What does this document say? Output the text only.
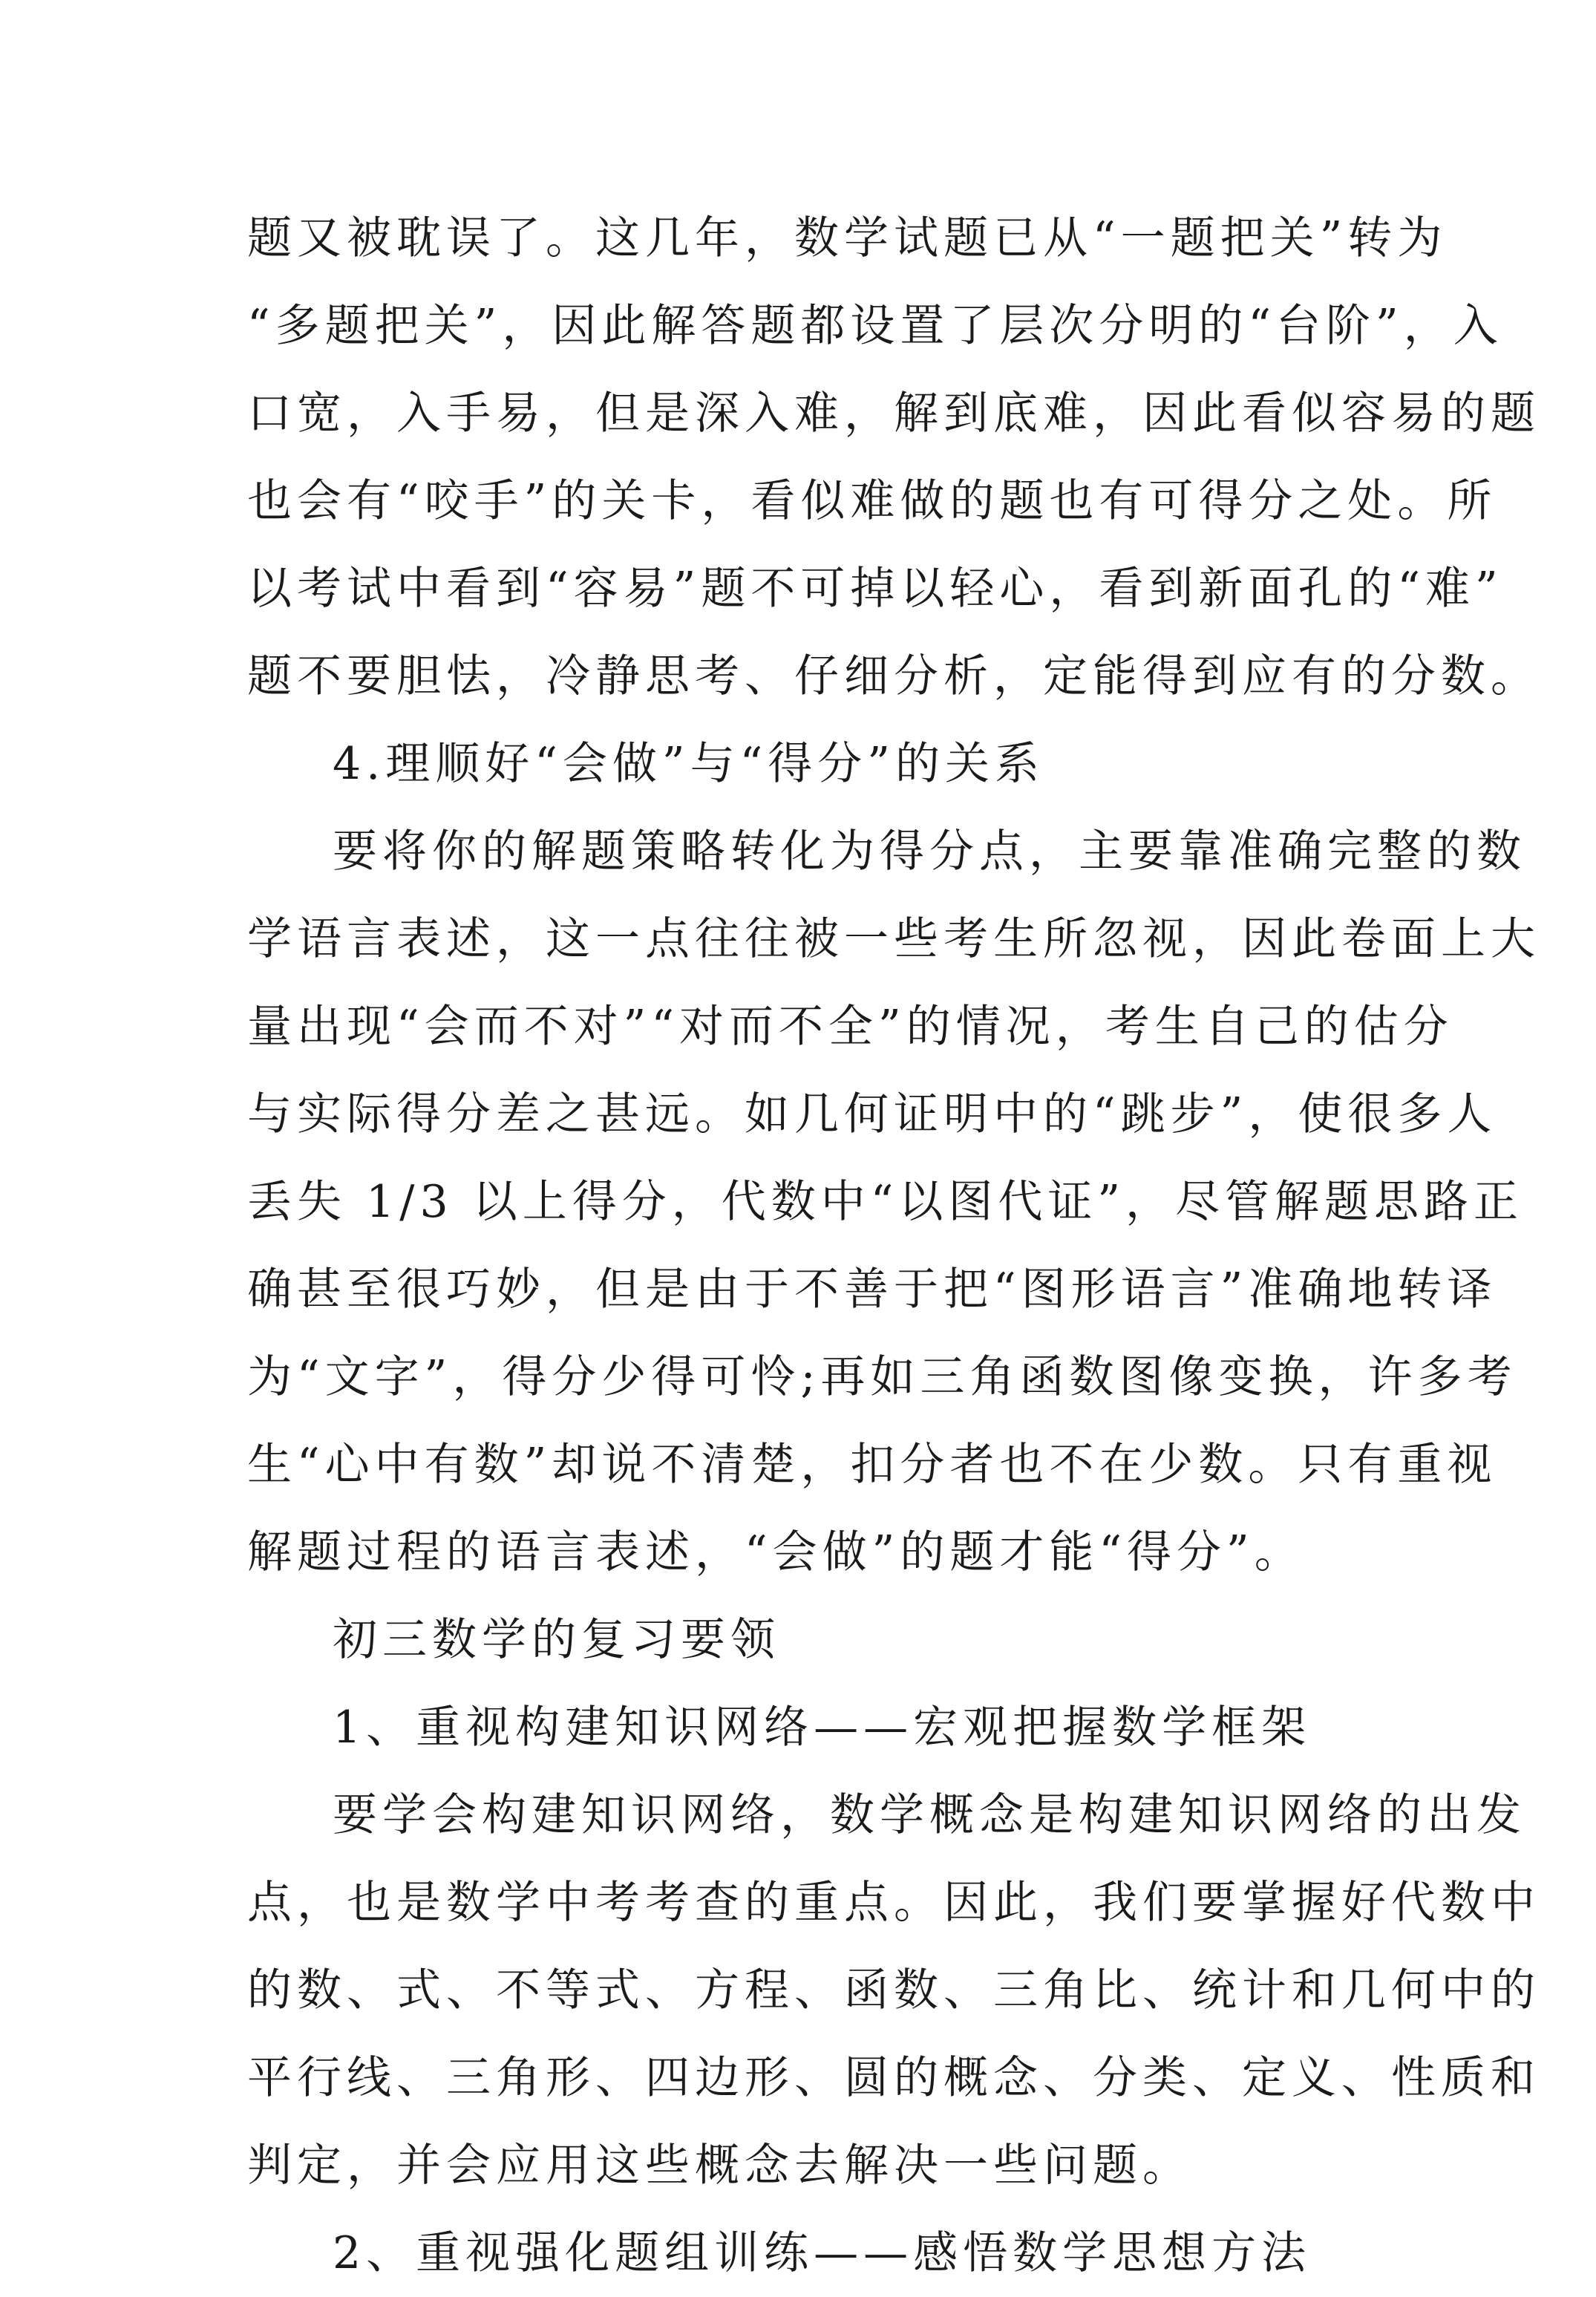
题又被耽误了。这几年，数学试题已从“一题把关”转为
“多题把关”，因此解答题都设置了层次分明的“台阶”，入
口宽，入手易，但是深入难，解到底难，因此看似容易的题
也会有“咬手”的关卡，看似难做的题也有可得分之处。所
以考试中看到“容易”题不可掉以轻心，看到新面孔的“难”
题不要胆怯，冷静思考、仔细分析，定能得到应有的分数。
4.理顺好“会做”与“得分”的关系
要将你的解题策略转化为得分点，主要靠准确完整的数
学语言表述，这一点往往被一些考生所忽视，因此卷面上大
量出现“会而不对”“对而不全”的情况，考生自己的估分
与实际得分差之甚远。如几何证明中的“跳步”，使很多人
丢失 1/3 以上得分，代数中“以图代证”，尽管解题思路正
确甚至很巧妙，但是由于不善于把“图形语言”准确地转译
为“文字”，得分少得可怜;再如三角函数图像变换，许多考
生“心中有数”却说不清楚，扣分者也不在少数。只有重视
解题过程的语言表述，“会做”的题才能“得分”。
初三数学的复习要领
1、重视构建知识网络——宏观把握数学框架
要学会构建知识网络，数学概念是构建知识网络的出发
点，也是数学中考考查的重点。因此，我们要掌握好代数中
的数、式、不等式、方程、函数、三角比、统计和几何中的
平行线、三角形、四边形、圆的概念、分类、定义、性质和
判定，并会应用这些概念去解决一些问题。
2、重视强化题组训练——感悟数学思想方法
